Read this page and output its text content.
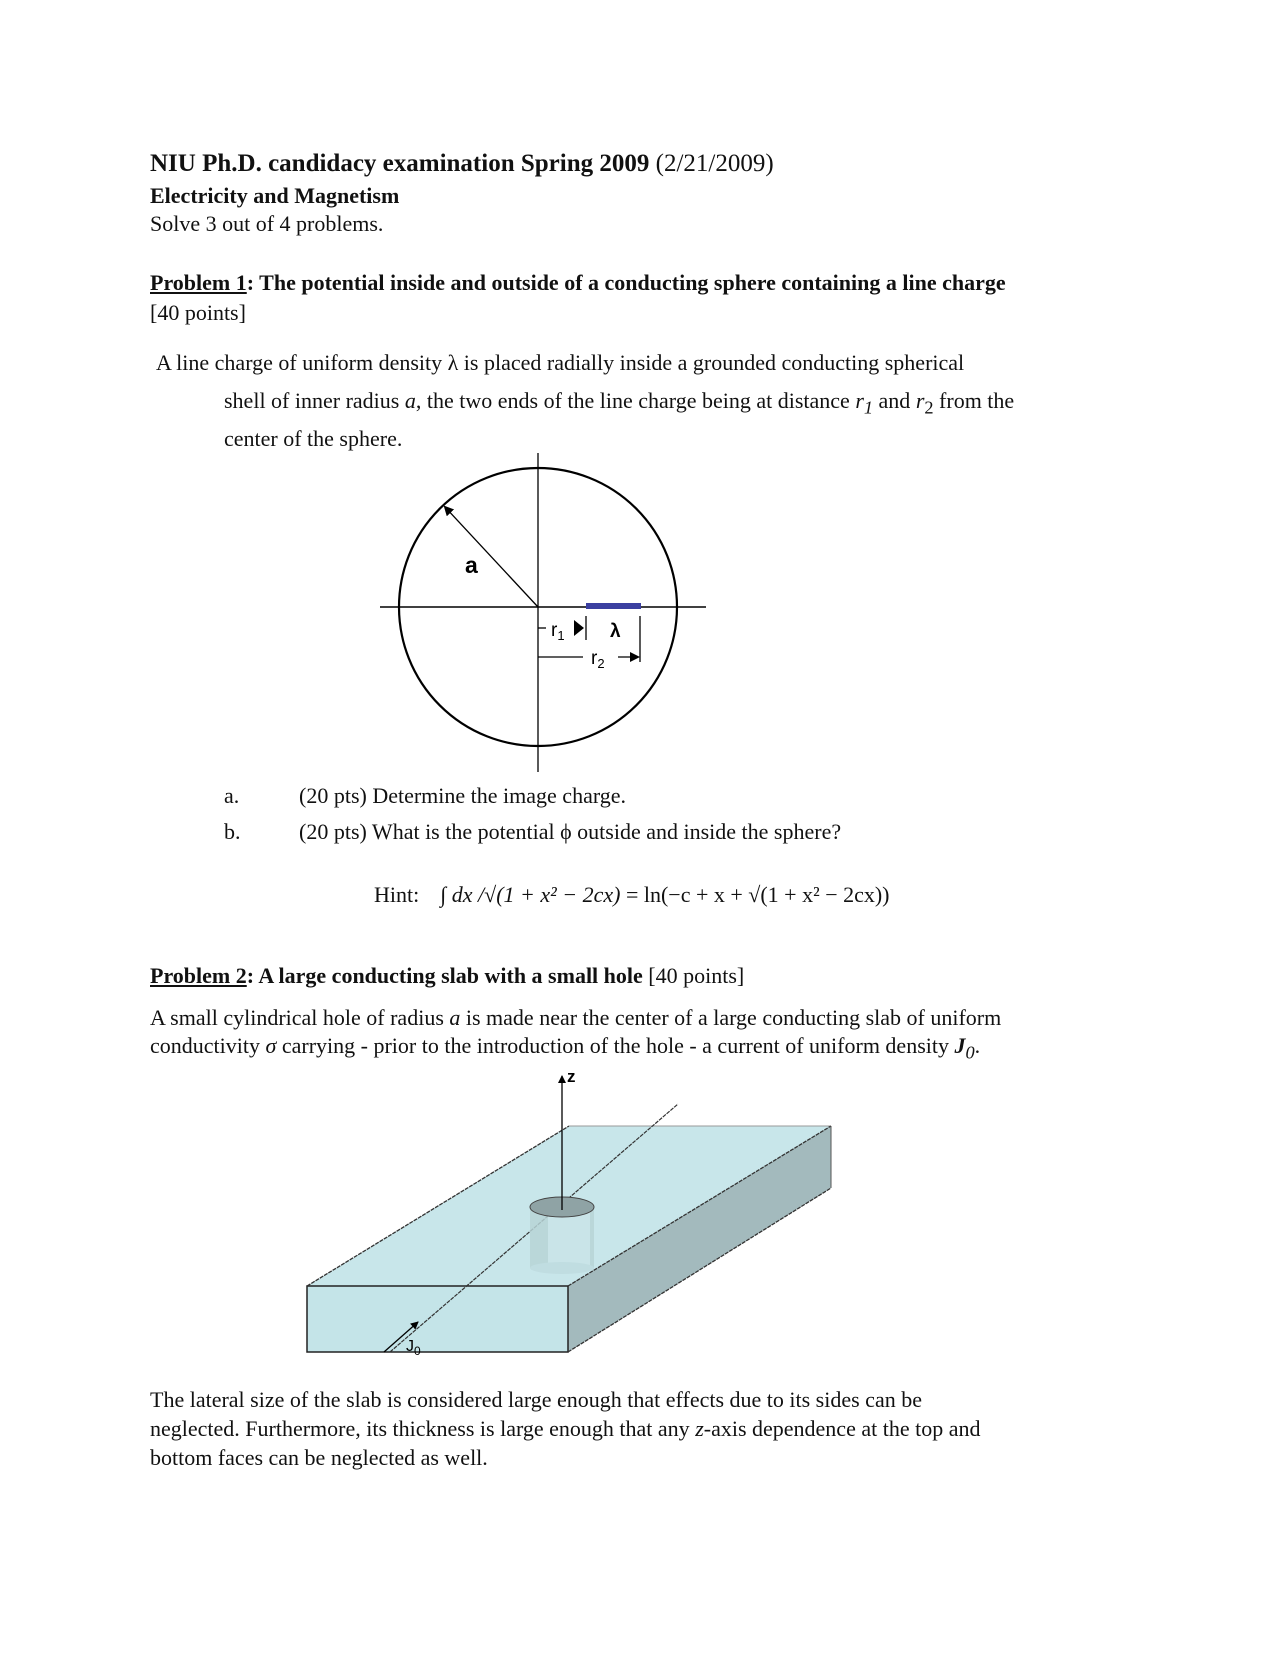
NIU Ph.D. candidacy examination Spring 2009 (2/21/2009)
Electricity and Magnetism
Solve 3 out of 4 problems.
Problem 1: The potential inside and outside of a conducting sphere containing a line charge
[40 points]
A line charge of uniform density λ is placed radially inside a grounded conducting spherical
shell of inner radius a, the two ends of the line charge being at distance $r_1$ and $r_2$ from the
center of the sphere.
a
$r_1$ λ
$r_2$
a.	(20 pts) Determine the image charge.
b.	(20 pts) What is the potential ϕ outside and inside the sphere?
Hint: ∫ dx /√(1 + x² − 2cx) = ln(−c + x + √(1 + x² − 2cx))
Problem 2: A large conducting slab with a small hole [40 points]
A small cylindrical hole of radius a is made near the center of a large conducting slab of uniform
conductivity σ carrying - prior to the introduction of the hole - a current of uniform density $J_0$.
z
$J_0$
The lateral size of the slab is considered large enough that effects due to its sides can be
neglected. Furthermore, its thickness is large enough that any z-axis dependence at the top and
bottom faces can be neglected as well.
